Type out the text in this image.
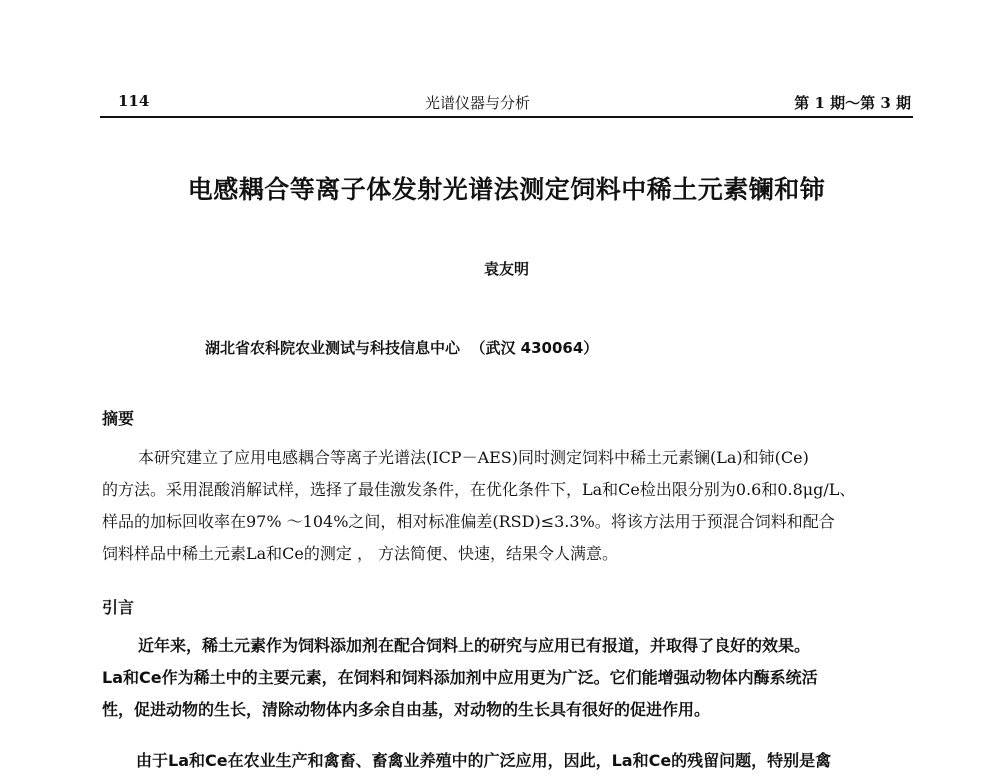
114	光谱仪器与分析	第 1 期～第 3 期
电感耦合等离子体发射光谱法测定饲料中稀土元素镧和铈
袁友明
湖北省农科院农业测试与科技信息中心  （武汉 430064）
摘要

本研究建立了应用电感耦合等离子光谱法(ICP－AES)同时测定饲料中稀土元素镧(La)和铈(Ce)

的方法。采用混酸消解试样，选择了最佳激发条件，在优化条件下，La和Ce检出限分别为0.6和0.8μg/L、

样品的加标回收率在97% ～104%之间，相对标准偏差(RSD)≤3.3%。将该方法用于预混合饲料和配合

饲料样品中稀土元素La和Ce的测定 ， 方法简便、快速，结果令人满意。

引言

近年来，稀土元素作为饲料添加剂在配合饲料上的研究与应用已有报道，并取得了良好的效果。

La和Ce作为稀土中的主要元素，在饲料和饲料添加剂中应用更为广泛。它们能增强动物体内酶系统活

性，促进动物的生长，清除动物体内多余自由基，对动物的生长具有很好的促进作用。

由于La和Ce在农业生产和禽畜、畜禽业养殖中的广泛应用，因此，La和Ce的残留问题，特别是禽
